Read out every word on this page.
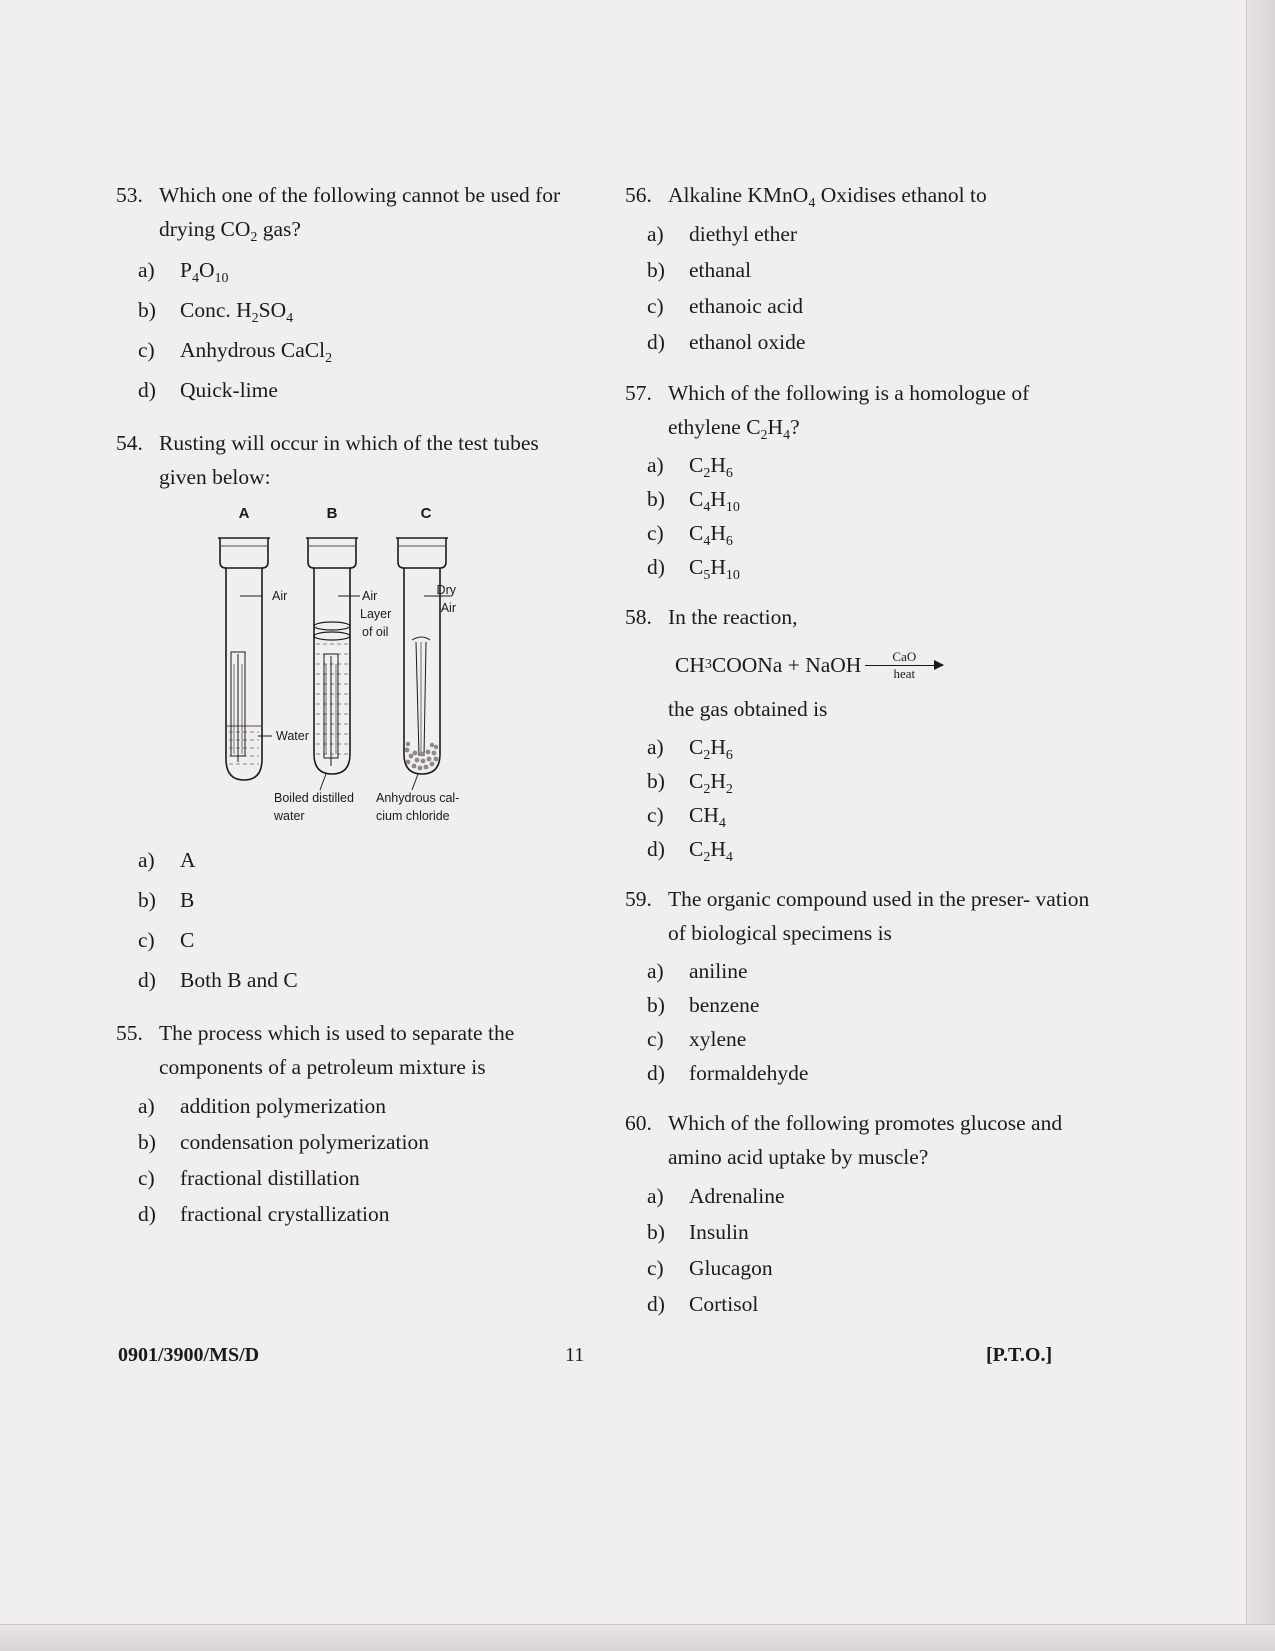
53. Which one of the following cannot be used for drying $CO_2$ gas?
a)	$P_4O_{10}$
b)	Conc. $H_2SO_4$
c)	Anhydrous CaCl$_2$
d)	Quick-lime
54. Rusting will occur in which of the test tubes given below:
A	B	C
Air
Water
Air
Layer
of oil
Dry
Air
Boiled distilled
water
Anhydrous cal-
cium chloride
a)	A
b)	B
c)	C
d)	Both B and C
55. The process which is used to separate the components of a petroleum mixture is
a)	addition polymerization
b)	condensation polymerization
c)	fractional distillation
d)	fractional crystallization
56. Alkaline KMnO$_4$ Oxidises ethanol to
a)	diethyl ether
b)	ethanal
c)	ethanoic acid
d)	ethanol oxide
57. Which of the following is a homologue of ethylene $C_2H_4$?
a)	$C_2H_6$
b)	$C_4H_{10}$
c)	$C_4H_6$
d)	$C_5H_{10}$
58. In the reaction,
CH 3 COONa + NaOH CaO
heat
the gas obtained is
a)	$C_2H_6$
b)	$C_2H_2$
c)	$CH_4$
d)	$C_2H_4$
59. The organic compound used in the preser- vation of biological specimens is
a)	aniline
b)	benzene
c)	xylene
d)	formaldehyde
60. Which of the following promotes glucose and amino acid uptake by muscle?
a)	Adrenaline
b)	Insulin
c)	Glucagon
d)	Cortisol
0901/3900/MS/D	11	[P.T.O.]
